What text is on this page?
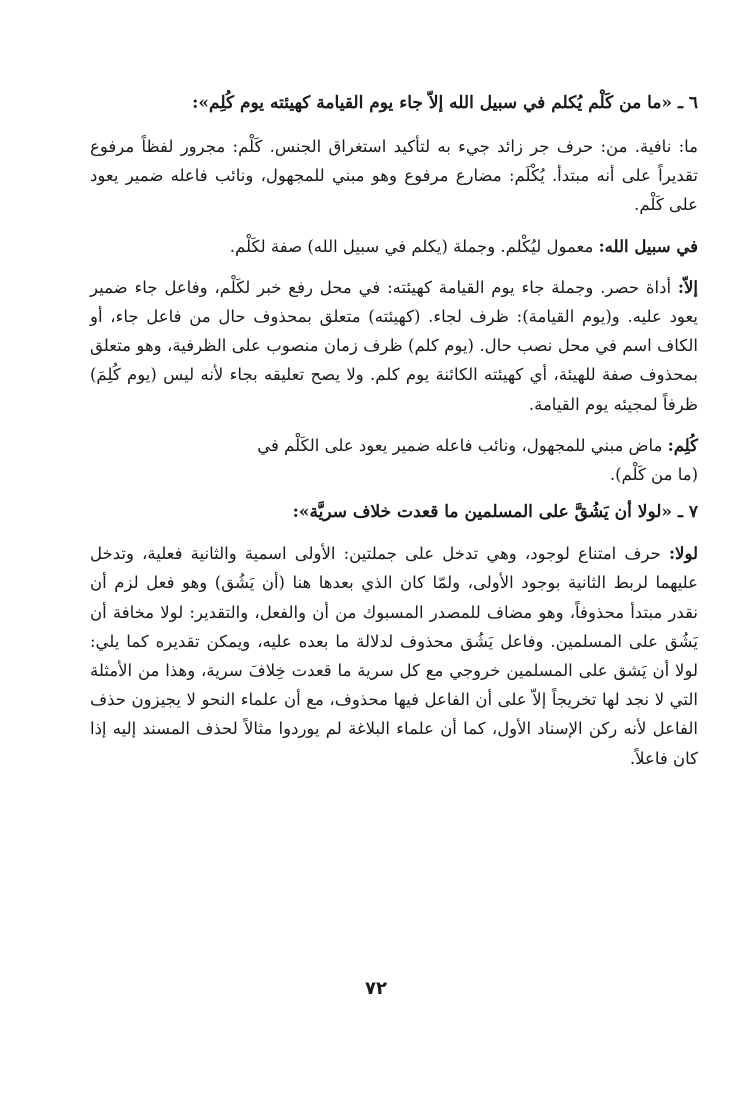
٦ ـ «ما من كَلْم يُكلم في سبيل الله إلاّ جاء يوم القيامة كهيئته يوم كُلِم»:

ما: نافية. من: حرف جر زائد جيء به لتأكيد استغراق الجنس. كَلْم: مجرور لفظاً مرفوع تقديراً على أنه مبتدأ. يُكْلَم: مضارع مرفوع وهو مبني للمجهول، ونائب فاعله ضمير يعود على كَلْم.

في سبيل الله: معمول ليُكْلم. وجملة (يكلم في سبيل الله) صفة لكَلْم.

إلاّ: أداة حصر. وجملة جاء يوم القيامة كهيئته: في محل رفع خبر لكَلْم، وفاعل جاء ضمير يعود عليه. و(يوم القيامة): ظرف لجاء. (كهيئته) متعلق بمحذوف حال من فاعل جاء، أو الكاف اسم في محل نصب حال. (يوم كلم) ظرف زمان منصوب على الظرفية، وهو متعلق بمحذوف صفة للهيئة، أي كهيئته الكائنة يوم كلم. ولا يصح تعليقه بجاء لأنه ليس (يوم كُلِمَ) ظرفاً لمجيئه يوم القيامة.

كُلِم: ماض مبني للمجهول، ونائب فاعله ضمير يعود على الكَلْم في
(ما من كَلْم).

٧ ـ «لولا أن يَشُقَّ على المسلمين ما قعدت خلاف سريَّة»:

لولا: حرف امتناع لوجود، وهي تدخل على جملتين: الأولى اسمية والثانية فعلية، وتدخل عليهما لربط الثانية بوجود الأولى، ولمّا كان الذي بعدها هنا (أن يَشُق) وهو فعل لزم أن نقدر مبتدأ محذوفاً، وهو مضاف للمصدر المسبوك من أن والفعل، والتقدير: لولا مخافة أن يَشُق على المسلمين. وفاعل يَشُق محذوف لدلالة ما بعده عليه، ويمكن تقديره كما يلي: لولا أن يَشق على المسلمين خروجي مع كل سرية ما قعدت خِلافَ سرية، وهذا من الأمثلة التي لا نجد لها تخريجاً إلاّ على أن الفاعل فيها محذوف، مع أن علماء النحو لا يجيزون حذف الفاعل لأنه ركن الإسناد الأول، كما أن علماء البلاغة لم يوردوا مثالاً لحذف المسند إليه إذا كان فاعلاً.

٧٢
